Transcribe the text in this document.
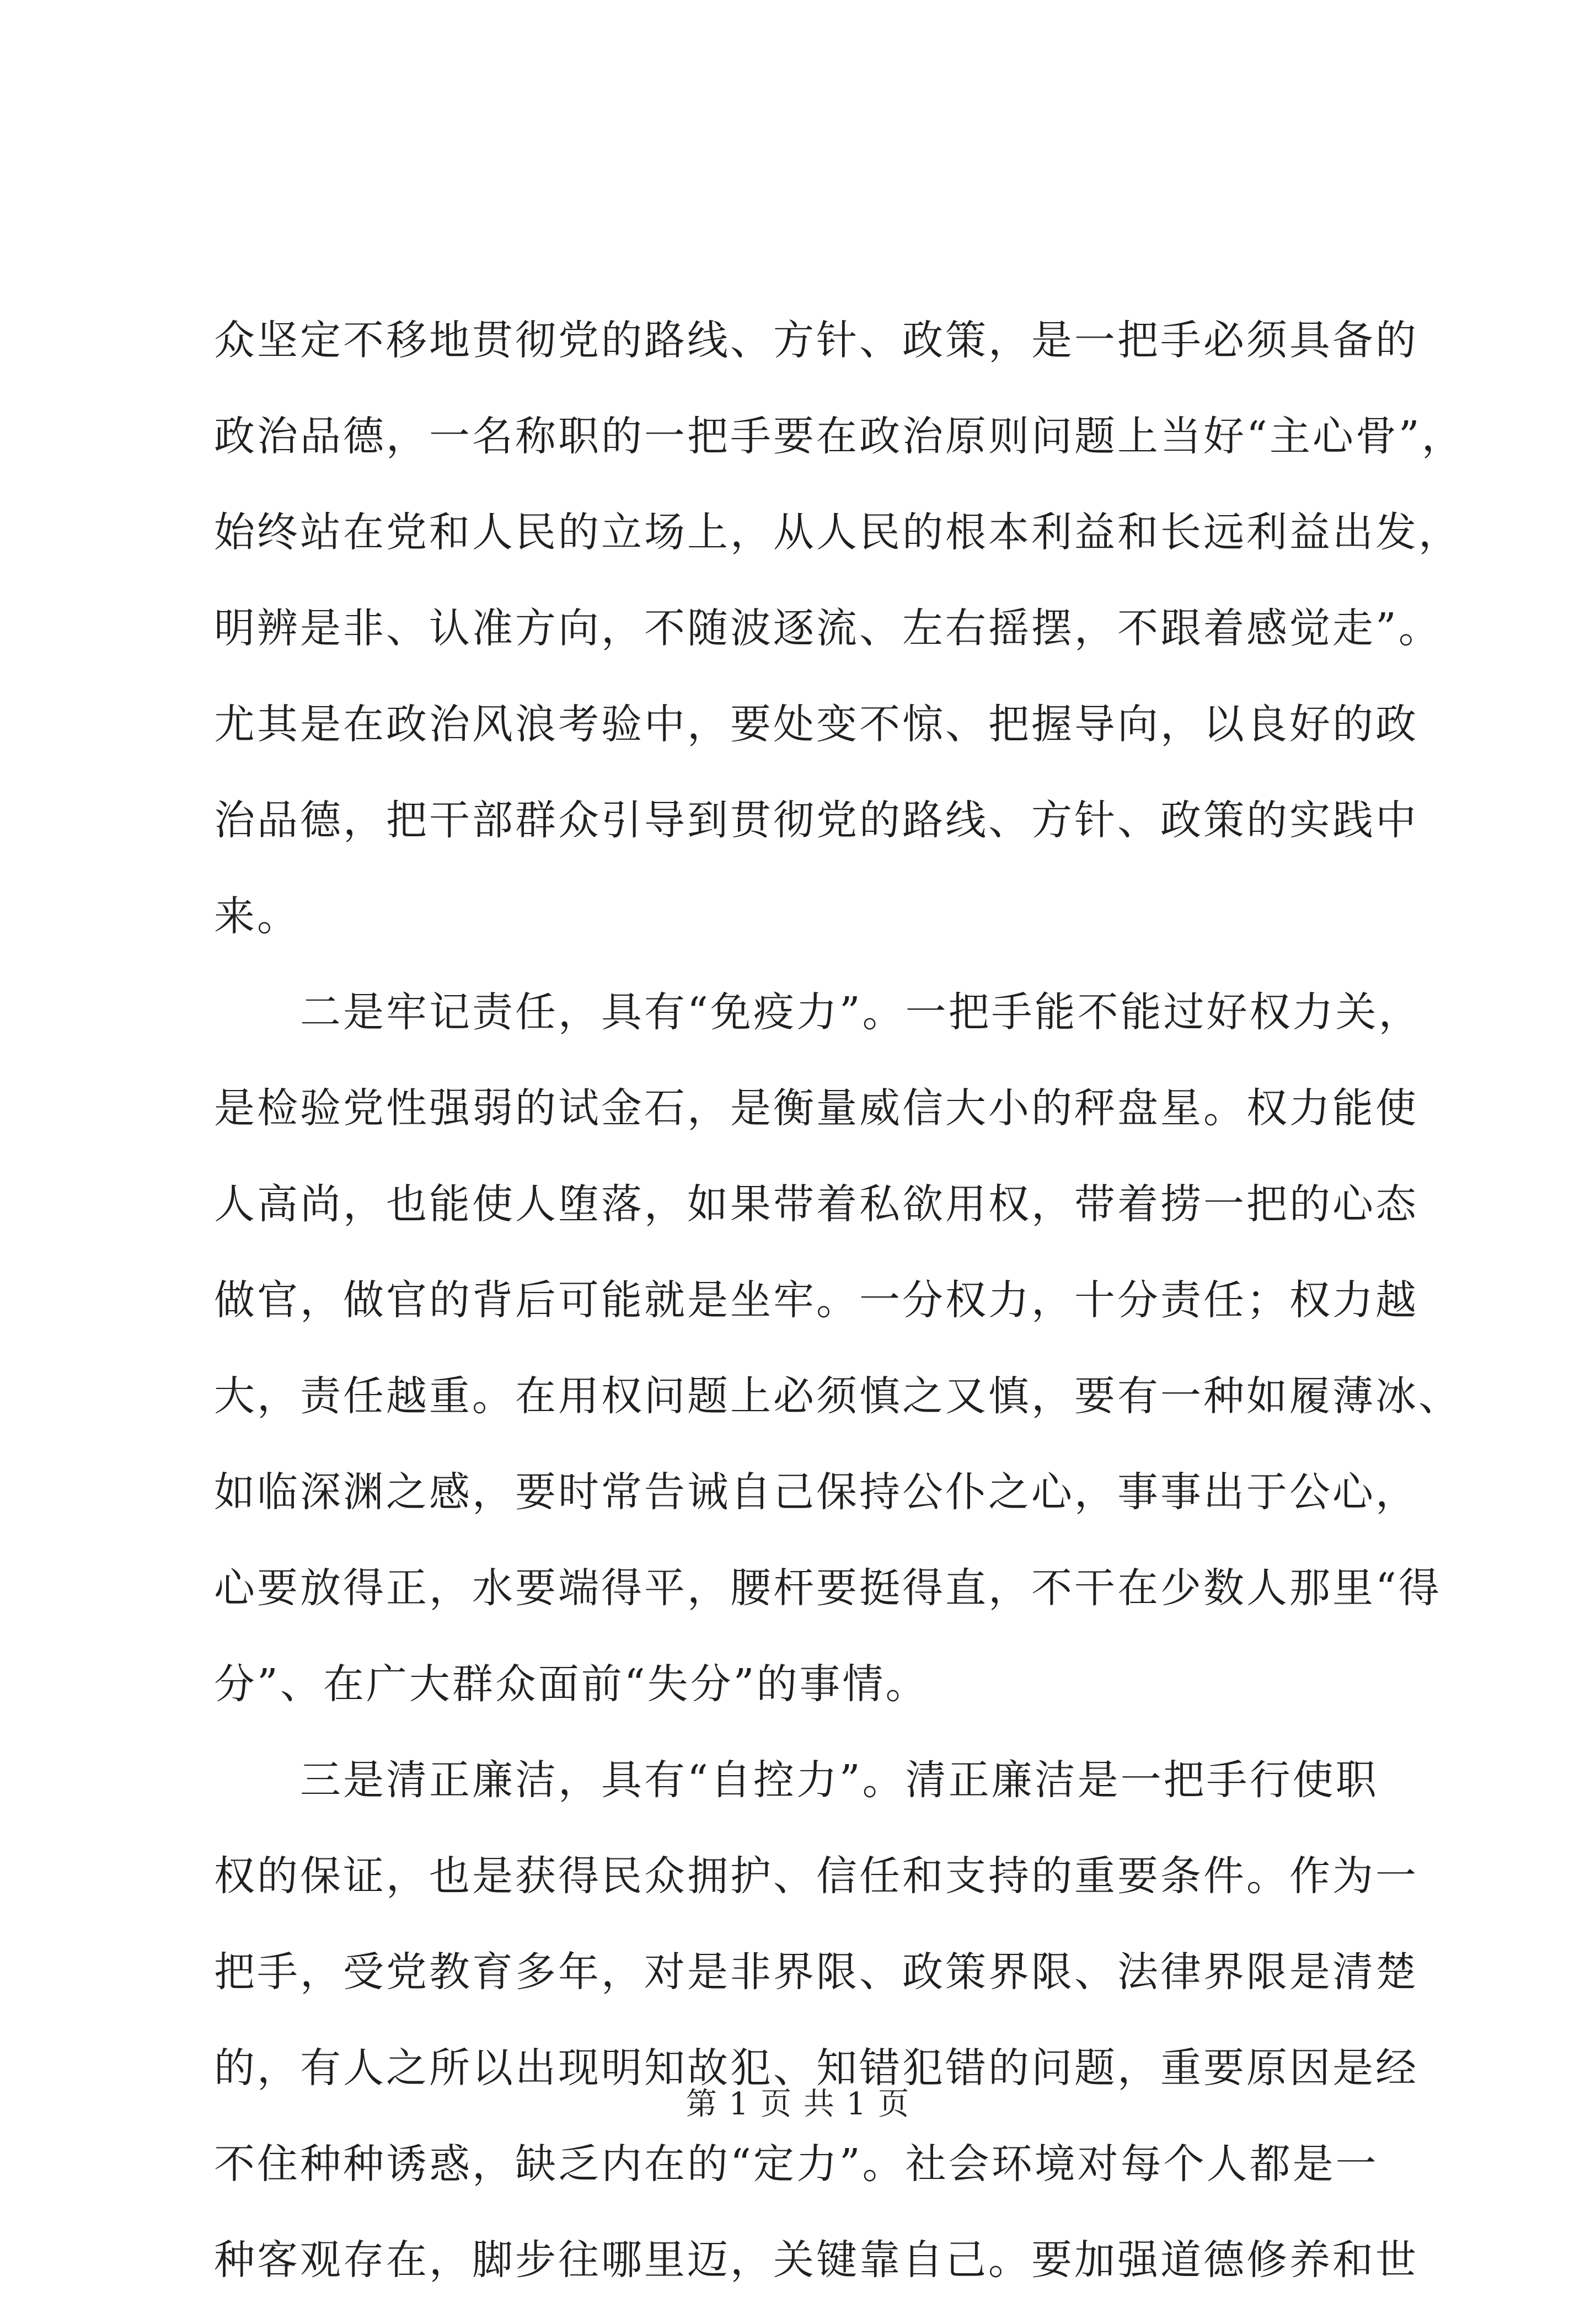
众坚定不移地贯彻党的路线、方针、政策，是一把手必须具备的
政治品德，一名称职的一把手要在政治原则问题上当好“主心骨”，
始终站在党和人民的立场上，从人民的根本利益和长远利益出发，
明辨是非、认准方向，不随波逐流、左右摇摆，不跟着感觉走”。
尤其是在政治风浪考验中，要处变不惊、把握导向，以良好的政
治品德，把干部群众引导到贯彻党的路线、方针、政策的实践中
来。
　　二是牢记责任，具有“免疫力”。一把手能不能过好权力关，
是检验党性强弱的试金石，是衡量威信大小的秤盘星。权力能使
人高尚，也能使人堕落，如果带着私欲用权，带着捞一把的心态
做官，做官的背后可能就是坐牢。一分权力，十分责任；权力越
大，责任越重。在用权问题上必须慎之又慎，要有一种如履薄冰、
如临深渊之感，要时常告诫自己保持公仆之心，事事出于公心，
心要放得正，水要端得平，腰杆要挺得直，不干在少数人那里“得
分”、在广大群众面前“失分”的事情。
　　三是清正廉洁，具有“自控力”。清正廉洁是一把手行使职
权的保证，也是获得民众拥护、信任和支持的重要条件。作为一
把手，受党教育多年，对是非界限、政策界限、法律界限是清楚
的，有人之所以出现明知故犯、知错犯错的问题，重要原因是经
不住种种诱惑，缺乏内在的“定力”。社会环境对每个人都是一
种客观存在，脚步往哪里迈，关键靠自己。要加强道德修养和世
第 1 页 共 1 页
